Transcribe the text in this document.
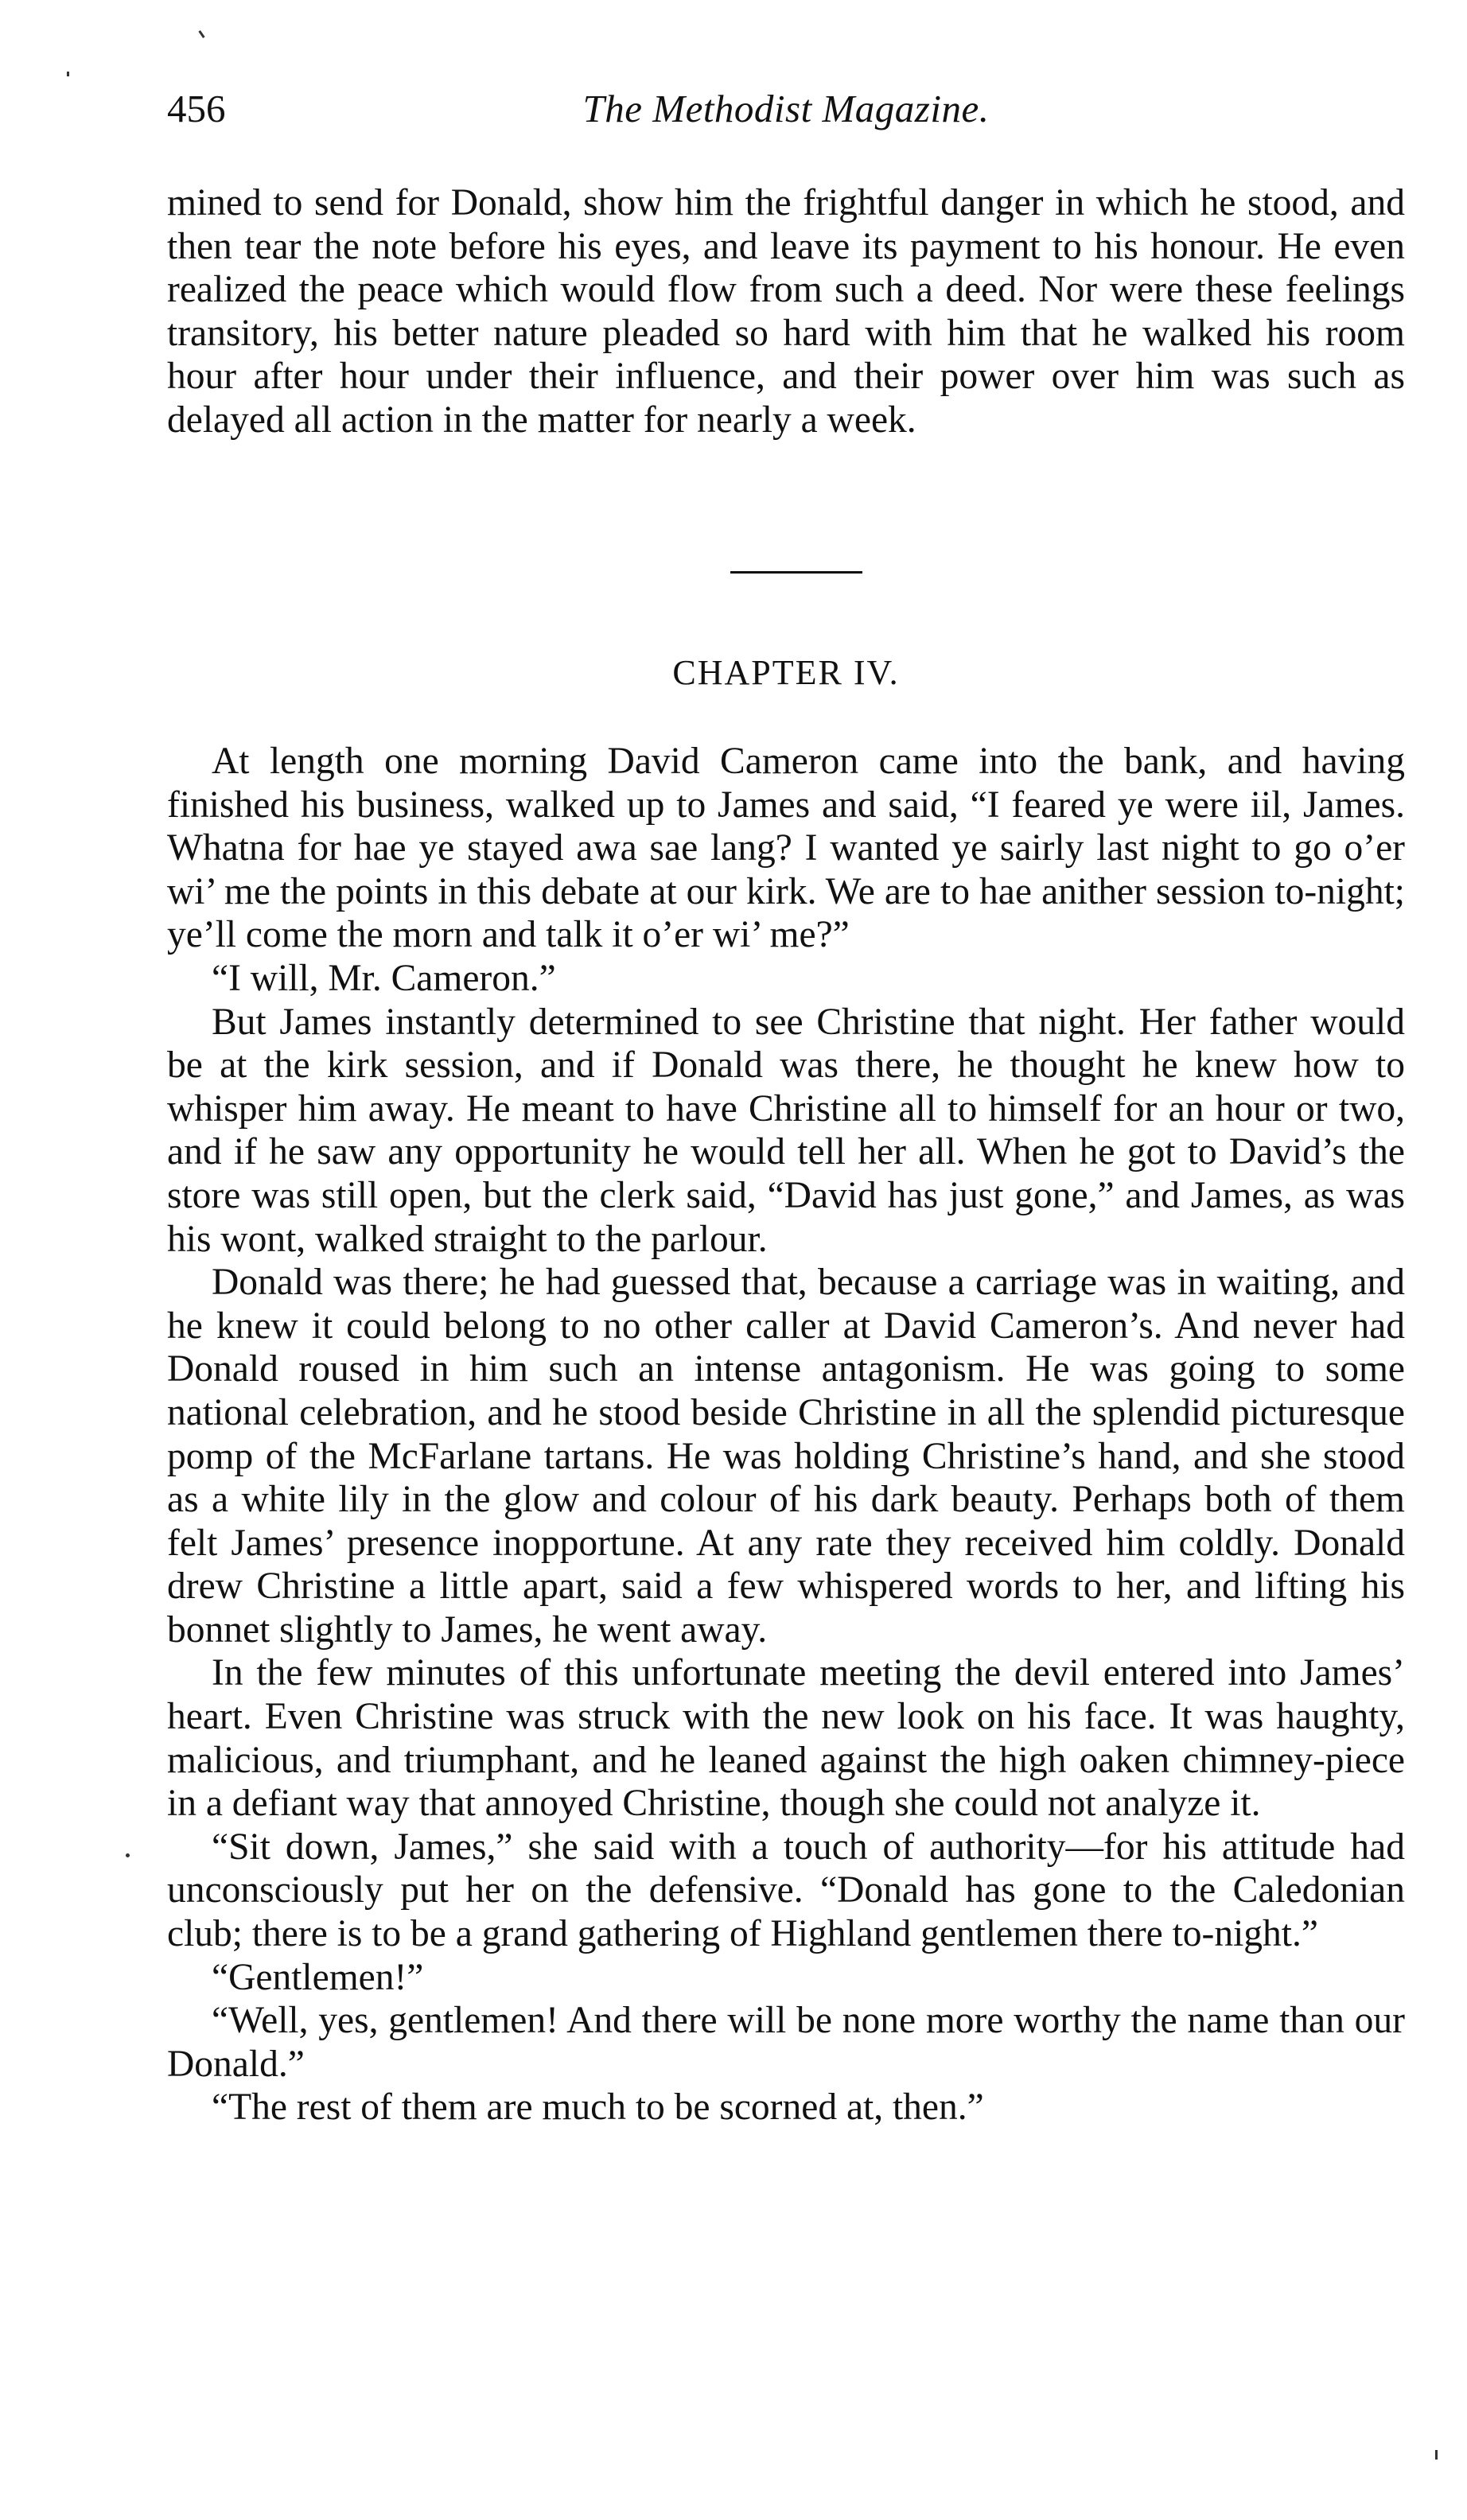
456	The Methodist Magazine.

mined to send for Donald, show him the frightful danger in which he stood, and then tear the note before his eyes, and leave its payment to his honour. He even realized the peace which would flow from such a deed. Nor were these feelings transitory, his better nature pleaded so hard with him that he walked his room hour after hour under their influence, and their power over him was such as delayed all action in the matter for nearly a week.

CHAPTER IV.

At length one morning David Cameron came into the bank, and having finished his business, walked up to James and said, “I feared ye were iil, James. Whatna for hae ye stayed awa sae lang? I wanted ye sairly last night to go o’er wi’ me the points in this debate at our kirk. We are to hae anither session to-night; ye’ll come the morn and talk it o’er wi’ me?”

“I will, Mr. Cameron.”

But James instantly determined to see Christine that night. Her father would be at the kirk session, and if Donald was there, he thought he knew how to whisper him away. He meant to have Christine all to himself for an hour or two, and if he saw any opportunity he would tell her all. When he got to David’s the store was still open, but the clerk said, “David has just gone,” and James, as was his wont, walked straight to the parlour.

Donald was there; he had guessed that, because a carriage was in waiting, and he knew it could belong to no other caller at David Cameron’s. And never had Donald roused in him such an intense antagonism. He was going to some national celebration, and he stood beside Christine in all the splendid picturesque pomp of the McFarlane tartans. He was holding Christine’s hand, and she stood as a white lily in the glow and colour of his dark beauty. Perhaps both of them felt James’ presence inopportune. At any rate they received him coldly. Donald drew Christine a little apart, said a few whispered words to her, and lifting his bonnet slightly to James, he went away.

In the few minutes of this unfortunate meeting the devil entered into James’ heart. Even Christine was struck with the new look on his face. It was haughty, malicious, and triumphant, and he leaned against the high oaken chimney-piece in a defiant way that annoyed Christine, though she could not analyze it.

“Sit down, James,” she said with a touch of authority—for his attitude had unconsciously put her on the defensive. “Donald has gone to the Caledonian club; there is to be a grand gathering of Highland gentlemen there to-night.”

“Gentlemen!”

“Well, yes, gentlemen! And there will be none more worthy the name than our Donald.”

“The rest of them are much to be scorned at, then.”
